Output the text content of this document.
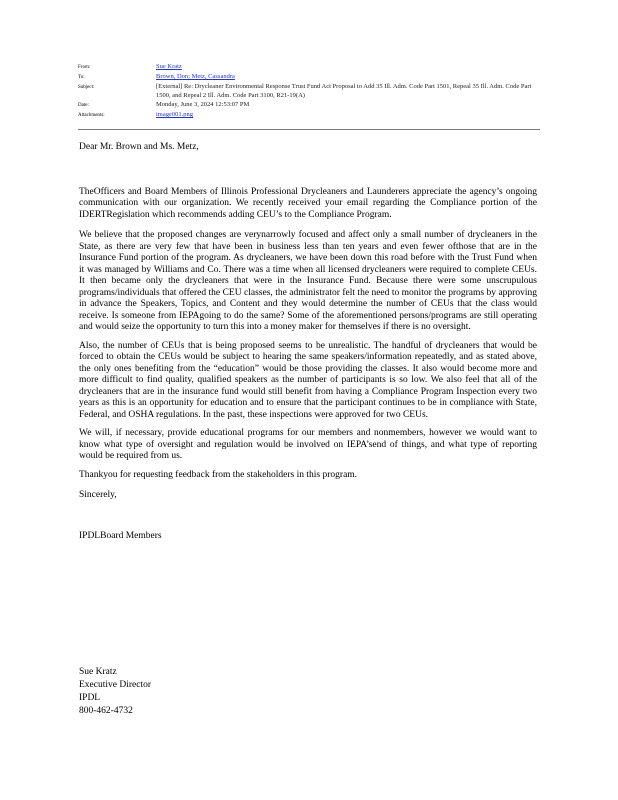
From:	Sue Kratz
To:	Brown, Don; Metz, Cassandra
Subject:	[External] Re: Drycleaner Environmental Response Trust Fund Act Proposal to Add 35 Ill. Adm. Code Part 1501, Repeal 35 Ill. Adm. Code Part 1500, and Repeal 2 Ill. Adm. Code Part 3100, R21-19(A)
Date:	Monday, June 3, 2024 12:53:07 PM
Attachments:	image001.png

Dear Mr. Brown and Ms. Metz,

TheOfficers and Board Members of Illinois Professional Drycleaners and Launderers appreciate the agency’s ongoing communication with our organization. We recently received your email regarding the Compliance portion of the IDERTRegislation which recommends adding CEU’s to the Compliance Program.

We believe that the proposed changes are verynarrowly focused and affect only a small number of drycleaners in the State, as there are very few that have been in business less than ten years and even fewer ofthose that are in the Insurance Fund portion of the program. As drycleaners, we have been down this road before with the Trust Fund when it was managed by Williams and Co. There was a time when all licensed drycleaners were required to complete CEUs. It then became only the drycleaners that were in the Insurance Fund. Because there were some unscrupulous programs/individuals that offered the CEU classes, the administrator felt the need to monitor the programs by approving in advance the Speakers, Topics, and Content and they would determine the number of CEUs that the class would receive. Is someone from IEPAgoing to do the same? Some of the aforementioned persons/programs are still operating and would seize the opportunity to turn this into a money maker for themselves if there is no oversight.

Also, the number of CEUs that is being proposed seems to be unrealistic. The handful of drycleaners that would be forced to obtain the CEUs would be subject to hearing the same speakers/information repeatedly, and as stated above, the only ones benefiting from the “education” would be those providing the classes. It also would become more and more difficult to find quality, qualified speakers as the number of participants is so low. We also feel that all of the drycleaners that are in the insurance fund would still benefit from having a Compliance Program Inspection every two years as this is an opportunity for education and to ensure that the participant continues to be in compliance with State, Federal, and OSHA regulations. In the past, these inspections were approved for two CEUs.

We will, if necessary, provide educational programs for our members and nonmembers, however we would want to know what type of oversight and regulation would be involved on IEPA’send of things, and what type of reporting would be required from us.

Thankyou for requesting feedback from the stakeholders in this program.

Sincerely,

IPDLBoard Members

Sue Kratz
Executive Director
IPDL
800-462-4732
